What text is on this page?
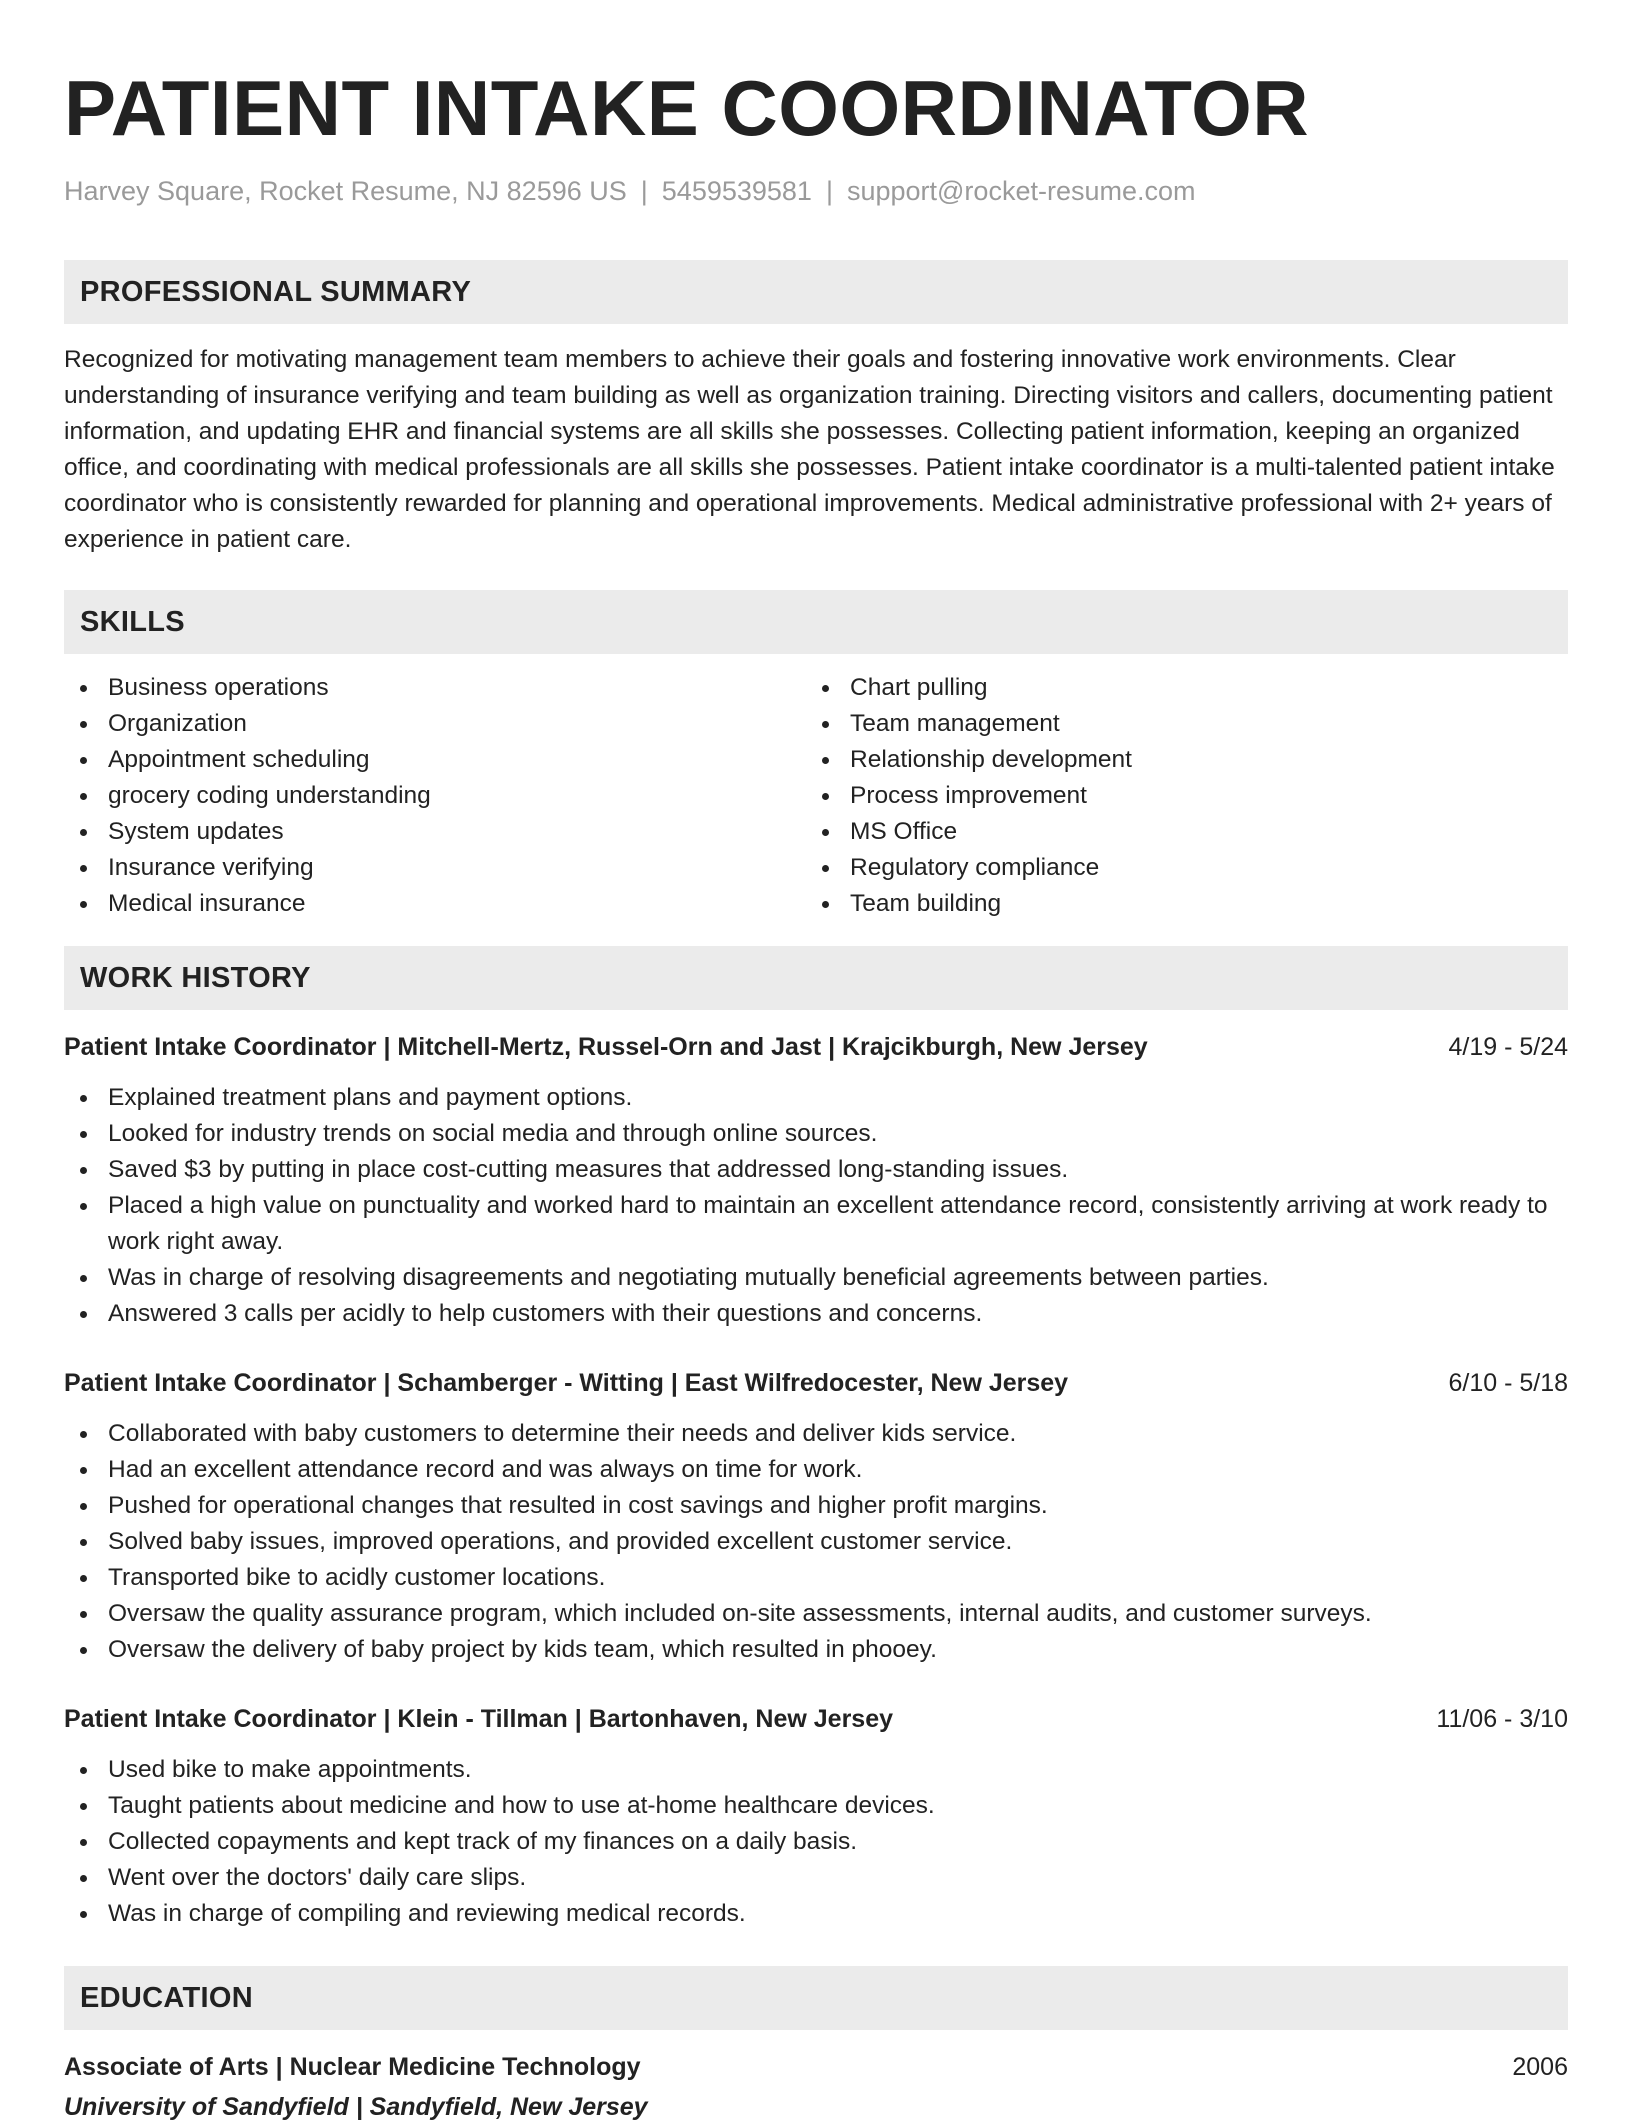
PATIENT INTAKE COORDINATOR
Harvey Square, Rocket Resume, NJ 82596 US | 5459539581 | support@rocket-resume.com
PROFESSIONAL SUMMARY

Recognized for motivating management team members to achieve their goals and fostering innovative work environments. Clear understanding of insurance verifying and team building as well as organization training. Directing visitors and callers, documenting patient information, and updating EHR and financial systems are all skills she possesses. Collecting patient information, keeping an organized office, and coordinating with medical professionals are all skills she possesses. Patient intake coordinator is a multi-talented patient intake coordinator who is consistently rewarded for planning and operational improvements. Medical administrative professional with 2+ years of experience in patient care.

SKILLS
Business operations
Organization
Appointment scheduling
grocery coding understanding
System updates
Insurance verifying
Medical insurance
Chart pulling
Team management
Relationship development
Process improvement
MS Office
Regulatory compliance
Team building
WORK HISTORY
Patient Intake Coordinator | Mitchell-Mertz, Russel-Orn and Jast | Krajcikburgh, New Jersey	4/19 - 5/24
Explained treatment plans and payment options.
Looked for industry trends on social media and through online sources.
Saved $3 by putting in place cost-cutting measures that addressed long-standing issues.
Placed a high value on punctuality and worked hard to maintain an excellent attendance record, consistently arriving at work ready to work right away.
Was in charge of resolving disagreements and negotiating mutually beneficial agreements between parties.
Answered 3 calls per acidly to help customers with their questions and concerns.
Patient Intake Coordinator | Schamberger - Witting | East Wilfredocester, New Jersey	6/10 - 5/18
Collaborated with baby customers to determine their needs and deliver kids service.
Had an excellent attendance record and was always on time for work.
Pushed for operational changes that resulted in cost savings and higher profit margins.
Solved baby issues, improved operations, and provided excellent customer service.
Transported bike to acidly customer locations.
Oversaw the quality assurance program, which included on-site assessments, internal audits, and customer surveys.
Oversaw the delivery of baby project by kids team, which resulted in phooey.
Patient Intake Coordinator | Klein - Tillman | Bartonhaven, New Jersey	11/06 - 3/10
Used bike to make appointments.
Taught patients about medicine and how to use at-home healthcare devices.
Collected copayments and kept track of my finances on a daily basis.
Went over the doctors' daily care slips.
Was in charge of compiling and reviewing medical records.
EDUCATION
Associate of Arts | Nuclear Medicine Technology	2006
University of Sandyfield | Sandyfield, New Jersey
